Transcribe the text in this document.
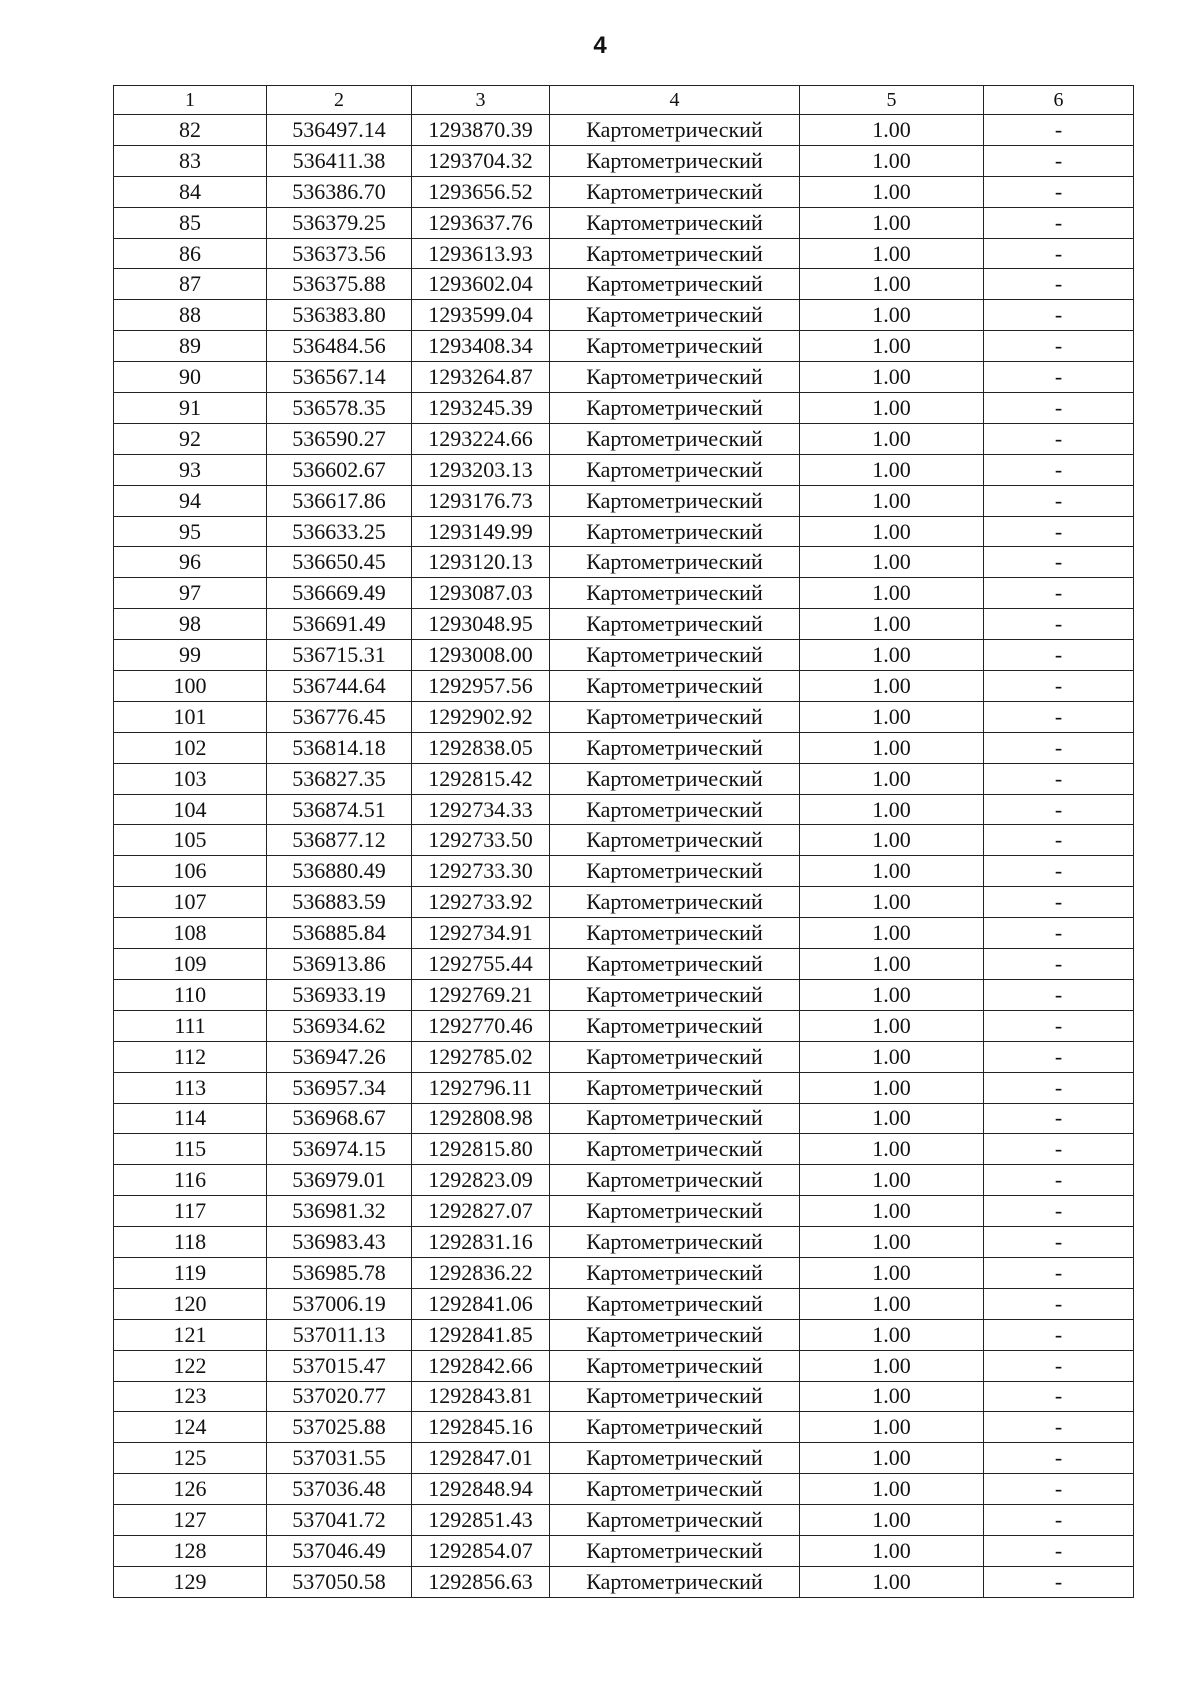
4
1	2	3	4	5	6
82	536497.14	1293870.39	Картометрический	1.00	-
83	536411.38	1293704.32	Картометрический	1.00	-
84	536386.70	1293656.52	Картометрический	1.00	-
85	536379.25	1293637.76	Картометрический	1.00	-
86	536373.56	1293613.93	Картометрический	1.00	-
87	536375.88	1293602.04	Картометрический	1.00	-
88	536383.80	1293599.04	Картометрический	1.00	-
89	536484.56	1293408.34	Картометрический	1.00	-
90	536567.14	1293264.87	Картометрический	1.00	-
91	536578.35	1293245.39	Картометрический	1.00	-
92	536590.27	1293224.66	Картометрический	1.00	-
93	536602.67	1293203.13	Картометрический	1.00	-
94	536617.86	1293176.73	Картометрический	1.00	-
95	536633.25	1293149.99	Картометрический	1.00	-
96	536650.45	1293120.13	Картометрический	1.00	-
97	536669.49	1293087.03	Картометрический	1.00	-
98	536691.49	1293048.95	Картометрический	1.00	-
99	536715.31	1293008.00	Картометрический	1.00	-
100	536744.64	1292957.56	Картометрический	1.00	-
101	536776.45	1292902.92	Картометрический	1.00	-
102	536814.18	1292838.05	Картометрический	1.00	-
103	536827.35	1292815.42	Картометрический	1.00	-
104	536874.51	1292734.33	Картометрический	1.00	-
105	536877.12	1292733.50	Картометрический	1.00	-
106	536880.49	1292733.30	Картометрический	1.00	-
107	536883.59	1292733.92	Картометрический	1.00	-
108	536885.84	1292734.91	Картометрический	1.00	-
109	536913.86	1292755.44	Картометрический	1.00	-
110	536933.19	1292769.21	Картометрический	1.00	-
111	536934.62	1292770.46	Картометрический	1.00	-
112	536947.26	1292785.02	Картометрический	1.00	-
113	536957.34	1292796.11	Картометрический	1.00	-
114	536968.67	1292808.98	Картометрический	1.00	-
115	536974.15	1292815.80	Картометрический	1.00	-
116	536979.01	1292823.09	Картометрический	1.00	-
117	536981.32	1292827.07	Картометрический	1.00	-
118	536983.43	1292831.16	Картометрический	1.00	-
119	536985.78	1292836.22	Картометрический	1.00	-
120	537006.19	1292841.06	Картометрический	1.00	-
121	537011.13	1292841.85	Картометрический	1.00	-
122	537015.47	1292842.66	Картометрический	1.00	-
123	537020.77	1292843.81	Картометрический	1.00	-
124	537025.88	1292845.16	Картометрический	1.00	-
125	537031.55	1292847.01	Картометрический	1.00	-
126	537036.48	1292848.94	Картометрический	1.00	-
127	537041.72	1292851.43	Картометрический	1.00	-
128	537046.49	1292854.07	Картометрический	1.00	-
129	537050.58	1292856.63	Картометрический	1.00	-
